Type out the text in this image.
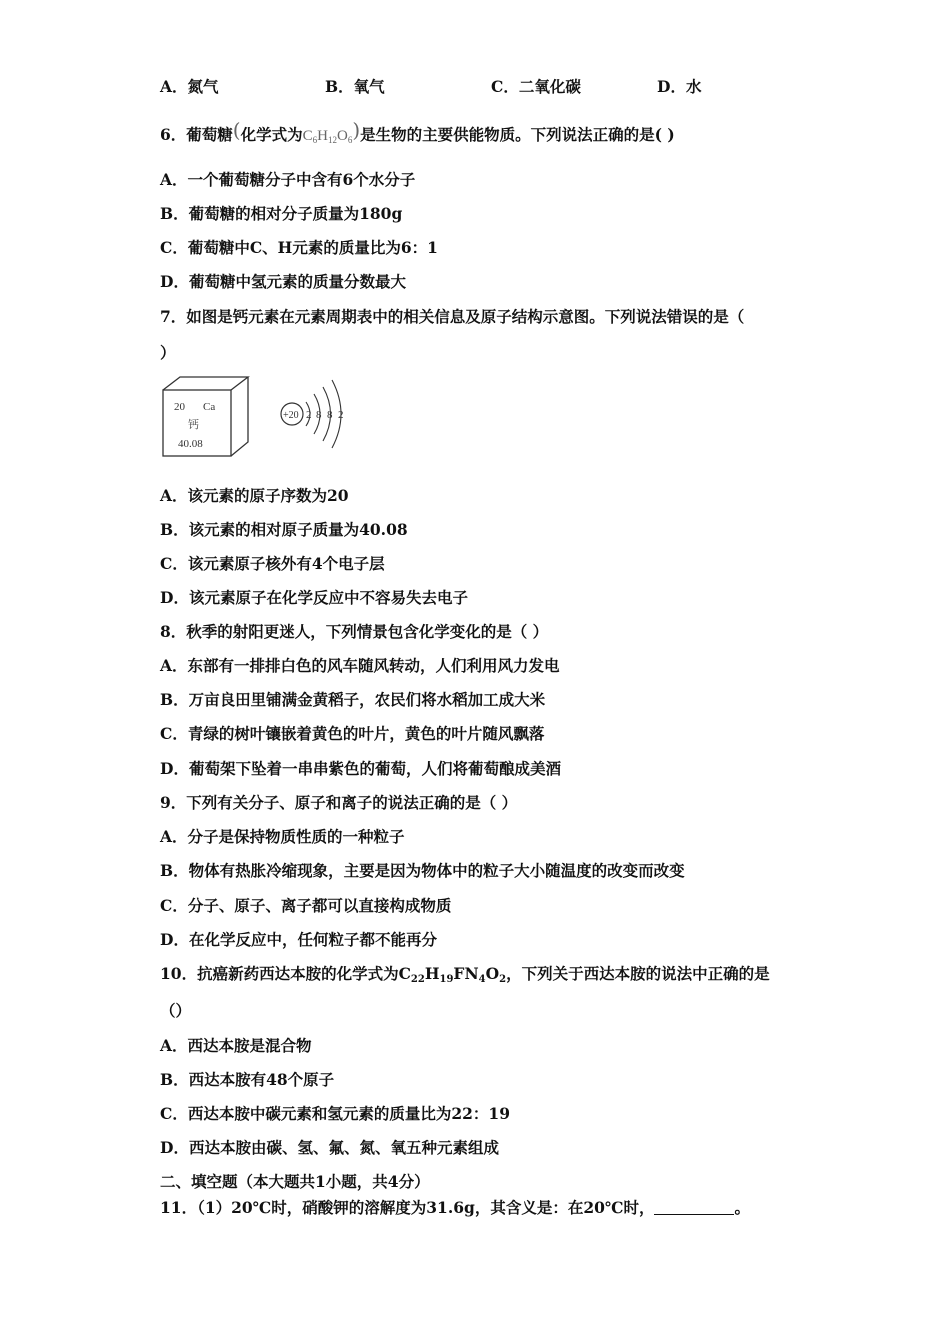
A．氮气	B．氧气	C．二氧化碳	D．水
6．葡萄糖(化学式为$C_6H_{12}O_6$)是生物的主要供能物质。下列说法正确的是( )
A．一个葡萄糖分子中含有6个水分子
B．葡萄糖的相对分子质量为180g
C．葡萄糖中C、H元素的质量比为6：1
D．葡萄糖中氢元素的质量分数最大
7．如图是钙元素在元素周期表中的相关信息及原子结构示意图。下列说法错误的是（
）
20 Ca
钙
40.08
+20 2 8 8 2
A．该元素的原子序数为20
B．该元素的相对原子质量为40.08
C．该元素原子核外有4个电子层
D．该元素原子在化学反应中不容易失去电子
8．秋季的射阳更迷人，下列情景包含化学变化的是（ ）
A．东部有一排排白色的风车随风转动，人们利用风力发电
B．万亩良田里铺满金黄稻子，农民们将水稻加工成大米
C．青绿的树叶镶嵌着黄色的叶片，黄色的叶片随风飘落
D．葡萄架下坠着一串串紫色的葡萄，人们将葡萄酿成美酒
9．下列有关分子、原子和离子的说法正确的是（ ）
A．分子是保持物质性质的一种粒子
B．物体有热胀冷缩现象，主要是因为物体中的粒子大小随温度的改变而改变
C．分子、原子、离子都可以直接构成物质
D．在化学反应中，任何粒子都不能再分
10．抗癌新药西达本胺的化学式为$C_{22}H_{19}FN_4O_2$，下列关于西达本胺的说法中正确的是
（）
A．西达本胺是混合物
B．西达本胺有48个原子
C．西达本胺中碳元素和氢元素的质量比为22：19
D．西达本胺由碳、氢、氟、氮、氧五种元素组成
二、填空题（本大题共1小题，共4分）
11．（1）20℃时，硝酸钾的溶解度为31.6g，其含义是：在20℃时，	。
